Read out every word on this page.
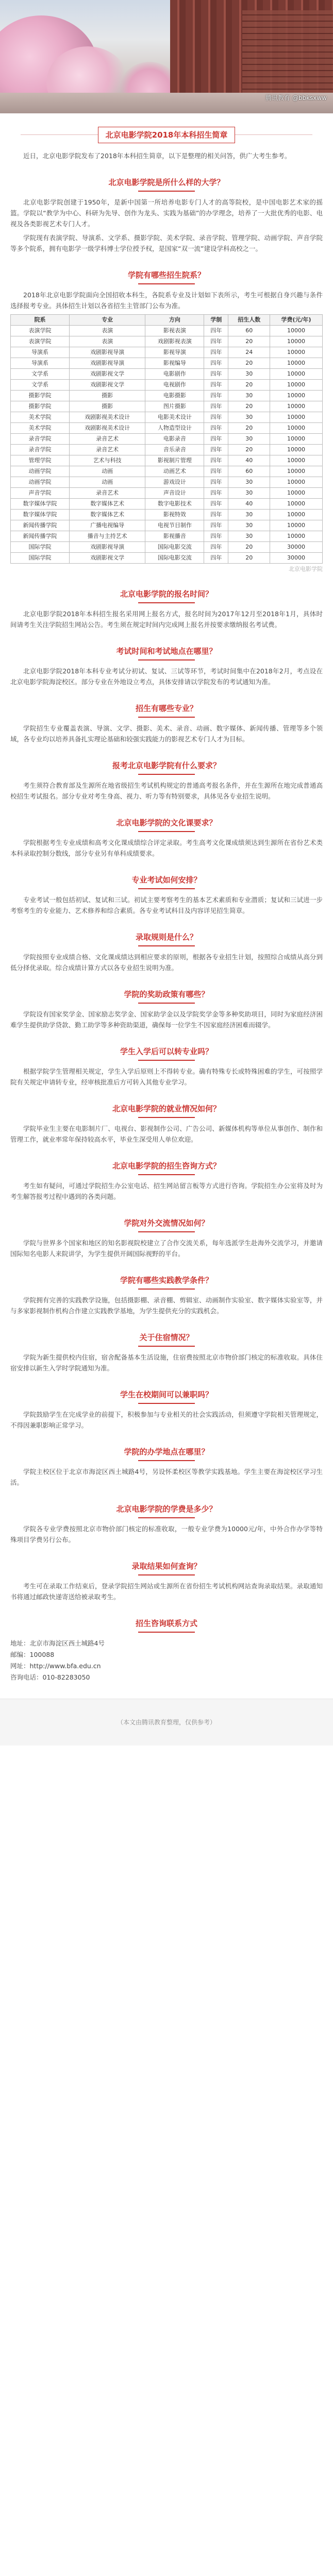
腾讯教育 @bbksxww
北京电影学院2018年本科招生简章

近日，北京电影学院发布了2018年本科招生简章，以下是整理的相关问答，供广大考生参考。

北京电影学院是所什么样的大学？

北京电影学院创建于1950年，是新中国第一所培养电影专门人才的高等院校，是中国电影艺术家的摇篮。学院以“教学为中心、科研为先导、创作为龙头、实践为基础”的办学理念，培养了一大批优秀的电影、电视及各类影视艺术专门人才。

学院现有表演学院、导演系、文学系、摄影学院、美术学院、录音学院、管理学院、动画学院、声音学院等多个院系，拥有电影学一级学科博士学位授予权，是国家“双一流”建设学科高校之一。

学院有哪些招生院系？

2018年北京电影学院面向全国招收本科生，各院系专业及计划如下表所示，考生可根据自身兴趣与条件选择报考专业。具体招生计划以各省招生主管部门公布为准。

院系	专业	方向	学制	招生人数	学费(元/年)
表演学院	表演	影视表演	四年	60	10000
表演学院	表演	戏剧影视表演	四年	20	10000
导演系	戏剧影视导演	影视导演	四年	24	10000
导演系	戏剧影视导演	影视编导	四年	20	10000
文学系	戏剧影视文学	电影剧作	四年	30	10000
文学系	戏剧影视文学	电视剧作	四年	20	10000
摄影学院	摄影	电影摄影	四年	30	10000
摄影学院	摄影	图片摄影	四年	20	10000
美术学院	戏剧影视美术设计	电影美术设计	四年	30	10000
美术学院	戏剧影视美术设计	人物造型设计	四年	20	10000
录音学院	录音艺术	电影录音	四年	30	10000
录音学院	录音艺术	音乐录音	四年	20	10000
管理学院	艺术与科技	影视制片管理	四年	40	10000
动画学院	动画	动画艺术	四年	60	10000
动画学院	动画	游戏设计	四年	30	10000
声音学院	录音艺术	声音设计	四年	30	10000
数字媒体学院	数字媒体艺术	数字电影技术	四年	40	10000
数字媒体学院	数字媒体艺术	影视特效	四年	30	10000
新闻传播学院	广播电视编导	电视节目制作	四年	30	10000
新闻传播学院	播音与主持艺术	影视播音	四年	30	10000
国际学院	戏剧影视导演	国际电影交流	四年	20	30000
国际学院	戏剧影视文学	国际电影交流	四年	20	30000
北京电影学院
北京电影学院的报名时间？

北京电影学院2018年本科招生报名采用网上报名方式，报名时间为2017年12月至2018年1月，具体时间请考生关注学院招生网站公告。考生须在规定时间内完成网上报名并按要求缴纳报名考试费。

考试时间和考试地点在哪里？

北京电影学院2018年本科专业考试分初试、复试、三试等环节，考试时间集中在2018年2月，考点设在北京电影学院海淀校区。部分专业在外地设立考点，具体安排请以学院发布的考试通知为准。

招生有哪些专业？

学院招生专业覆盖表演、导演、文学、摄影、美术、录音、动画、数字媒体、新闻传播、管理等多个领域，各专业均以培养具备扎实理论基础和较强实践能力的影视艺术专门人才为目标。

报考北京电影学院有什么要求？

考生须符合教育部及生源所在地省级招生考试机构规定的普通高考报名条件，并在生源所在地完成普通高校招生考试报名。部分专业对考生身高、视力、听力等有特别要求，具体见各专业招生说明。

北京电影学院的文化课要求？

学院根据考生专业成绩和高考文化课成绩综合评定录取。考生高考文化课成绩须达到生源所在省份艺术类本科录取控制分数线，部分专业另有单科成绩要求。

专业考试如何安排？

专业考试一般包括初试、复试和三试。初试主要考察考生的基本艺术素质和专业潜质；复试和三试进一步考察考生的专业能力、艺术修养和综合素质。各专业考试科目及内容详见招生简章。

录取规则是什么？

学院按照专业成绩合格、文化课成绩达到相应要求的原则，根据各专业招生计划，按照综合成绩从高分到低分择优录取。综合成绩计算方式以各专业招生说明为准。

学院的奖助政策有哪些？

学院设有国家奖学金、国家励志奖学金、国家助学金以及学院奖学金等多种奖助项目，同时为家庭经济困难学生提供助学贷款、勤工助学等多种资助渠道，确保每一位学生不因家庭经济困难而辍学。

学生入学后可以转专业吗？

根据学院学生管理相关规定，学生入学后原则上不得转专业。确有特殊专长或特殊困难的学生，可按照学院有关规定申请转专业，经审核批准后方可转入其他专业学习。

北京电影学院的就业情况如何？

学院毕业生主要在电影制片厂、电视台、影视制作公司、广告公司、新媒体机构等单位从事创作、制作和管理工作，就业率常年保持较高水平，毕业生深受用人单位欢迎。

北京电影学院的招生咨询方式？

考生如有疑问，可通过学院招生办公室电话、招生网站留言板等方式进行咨询。学院招生办公室将及时为考生解答报考过程中遇到的各类问题。

学院对外交流情况如何？

学院与世界多个国家和地区的知名影视院校建立了合作交流关系，每年选派学生赴海外交流学习，并邀请国际知名电影人来院讲学，为学生提供开阔国际视野的平台。

学院有哪些实践教学条件？

学院拥有完善的实践教学设施，包括摄影棚、录音棚、剪辑室、动画制作实验室、数字媒体实验室等，并与多家影视制作机构合作建立实践教学基地，为学生提供充分的实践机会。

关于住宿情况？

学院为新生提供校内住宿，宿舍配备基本生活设施，住宿费按照北京市物价部门核定的标准收取。具体住宿安排以新生入学时学院通知为准。

学生在校期间可以兼职吗？

学院鼓励学生在完成学业的前提下，积极参加与专业相关的社会实践活动，但须遵守学院相关管理规定，不得因兼职影响正常学习。

学院的办学地点在哪里？

学院主校区位于北京市海淀区西土城路4号，另设怀柔校区等教学实践基地。学生主要在海淀校区学习生活。

北京电影学院的学费是多少？

学院各专业学费按照北京市物价部门核定的标准收取，一般专业学费为10000元/年，中外合作办学等特殊项目学费另行公布。

录取结果如何查询？

考生可在录取工作结束后，登录学院招生网站或生源所在省份招生考试机构网站查询录取结果。录取通知书将通过邮政快递寄送给被录取考生。

招生咨询联系方式
地址：北京市海淀区西土城路4号
邮编：100088
网址：http://www.bfa.edu.cn
咨询电话：010-82283050
（本文由腾讯教育整理，仅供参考）
